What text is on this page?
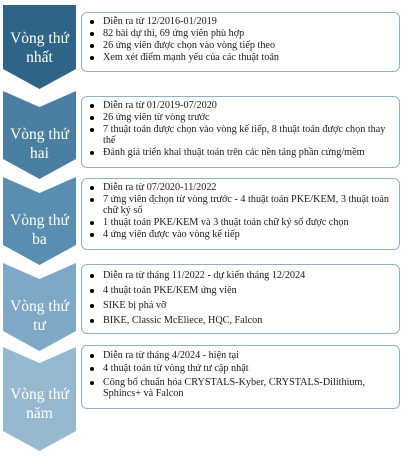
Vòng thứ
nhất
Diễn ra từ 12/2016-01/2019
82 bài dự thi, 69 ứng viên phù hợp
26 ứng viên được chọn vào vòng tiếp theo
Xem xét điểm mạnh yếu của các thuật toán
Vòng thứ
hai
Diễn ra từ 01/2019-07/2020
26 ứng viên từ vòng trước
7 thuật toán được chọn vào vòng kế tiếp, 8 thuật toán được chọn thay thế
Đánh giá triển khai thuật toán trên các nền tảng phần cứng/mềm
Vòng thứ
ba
Diễn ra từ 07/2020-11/2022
7 ứng viên đ̣chọn từ vòng trước - 4 thuật toán PKE/KEM, 3 thuật toán chữ ký số
1 thuật toán PKE/KEM và 3 thuật toán chữ ký số được chọn
4 ứng viên được vào vòng kế tiếp
Vòng thứ
tư
Diễn ra từ tháng 11/2022 - dự kiến tháng 12/2024
4 thuật toán PKE/KEM ứng viên
SIKE bị phá vỡ
BIKE, Classic McEliece, HQC, Falcon
Vòng thứ
năm
Diễn ra từ tháng 4/2024 - hiện tại
4 thuật toán từ vòng thứ tư cập nhật
Công bố chuẩn hóa CRYSTALS-Kyber, CRYSTALS-Dilithium, Sphincs+ và Falcon
